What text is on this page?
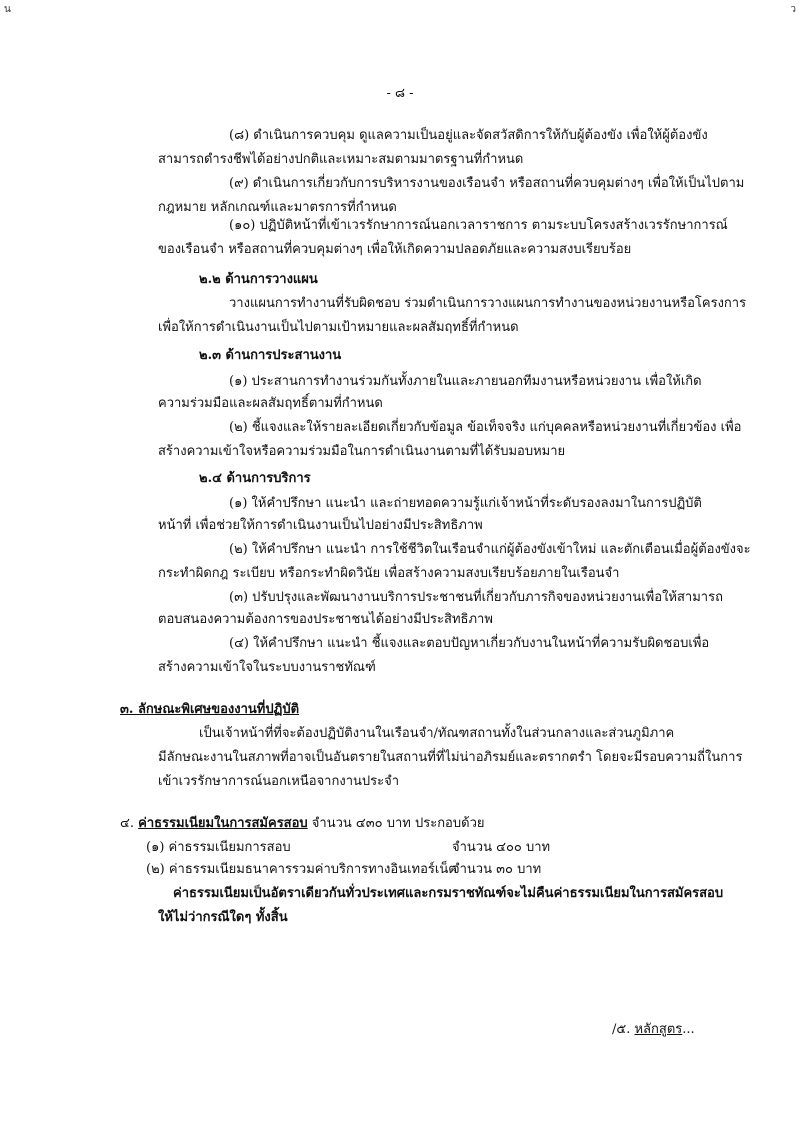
น	ว
- ๘ -
(๘) ดำเนินการควบคุม ดูแลความเป็นอยู่และจัดสวัสดิการให้กับผู้ต้องขัง เพื่อให้ผู้ต้องขัง
สามารถดำรงชีพได้อย่างปกติและเหมาะสมตามมาตรฐานที่กำหนด
(๙) ดำเนินการเกี่ยวกับการบริหารงานของเรือนจำ หรือสถานที่ควบคุมต่างๆ เพื่อให้เป็นไปตาม
กฎหมาย หลักเกณฑ์และมาตรการที่กำหนด
(๑๐) ปฏิบัติหน้าที่เข้าเวรรักษาการณ์นอกเวลาราชการ ตามระบบโครงสร้างเวรรักษาการณ์
ของเรือนจำ หรือสถานที่ควบคุมต่างๆ เพื่อให้เกิดความปลอดภัยและความสงบเรียบร้อย
๒.๒ ด้านการวางแผน
วางแผนการทำงานที่รับผิดชอบ ร่วมดำเนินการวางแผนการทำงานของหน่วยงานหรือโครงการ
เพื่อให้การดำเนินงานเป็นไปตามเป้าหมายและผลสัมฤทธิ์ที่กำหนด
๒.๓ ด้านการประสานงาน
(๑) ประสานการทำงานร่วมกันทั้งภายในและภายนอกทีมงานหรือหน่วยงาน เพื่อให้เกิด
ความร่วมมือและผลสัมฤทธิ์ตามที่กำหนด
(๒) ชี้แจงและให้รายละเอียดเกี่ยวกับข้อมูล ข้อเท็จจริง แก่บุคคลหรือหน่วยงานที่เกี่ยวข้อง เพื่อ
สร้างความเข้าใจหรือความร่วมมือในการดำเนินงานตามที่ได้รับมอบหมาย
๒.๔ ด้านการบริการ
(๑) ให้คำปรึกษา แนะนำ และถ่ายทอดความรู้แก่เจ้าหน้าที่ระดับรองลงมาในการปฏิบัติ
หน้าที่ เพื่อช่วยให้การดำเนินงานเป็นไปอย่างมีประสิทธิภาพ
(๒) ให้คำปรึกษา แนะนำ การใช้ชีวิตในเรือนจำแก่ผู้ต้องขังเข้าใหม่ และตักเตือนเมื่อผู้ต้องขังจะ
กระทำผิดกฎ ระเบียบ หรือกระทำผิดวินัย เพื่อสร้างความสงบเรียบร้อยภายในเรือนจำ
(๓) ปรับปรุงและพัฒนางานบริการประชาชนที่เกี่ยวกับภารกิจของหน่วยงานเพื่อให้สามารถ
ตอบสนองความต้องการของประชาชนได้อย่างมีประสิทธิภาพ
(๔) ให้คำปรึกษา แนะนำ ชี้แจงและตอบปัญหาเกี่ยวกับงานในหน้าที่ความรับผิดชอบเพื่อ
สร้างความเข้าใจในระบบงานราชทัณฑ์
๓. ลักษณะพิเศษของงานที่ปฏิบัติ
เป็นเจ้าหน้าที่ที่จะต้องปฏิบัติงานในเรือนจำ/ทัณฑสถานทั้งในส่วนกลางและส่วนภูมิภาค
มีลักษณะงานในสภาพที่อาจเป็นอันตรายในสถานที่ที่ไม่น่าอภิรมย์และตรากตรำ โดยจะมีรอบความถี่ในการ
เข้าเวรรักษาการณ์นอกเหนือจากงานประจำ
๔. ค่าธรรมเนียมในการสมัครสอบ จำนวน ๔๓๐ บาท ประกอบด้วย
(๑) ค่าธรรมเนียมการสอบ	จำนวน ๔๐๐ บาท
(๒) ค่าธรรมเนียมธนาคารรวมค่าบริการทางอินเทอร์เน็ต
จำนวน ๓๐ บาท
ค่าธรรมเนียมเป็นอัตราเดียวกันทั่วประเทศและกรมราชทัณฑ์จะไม่คืนค่าธรรมเนียมในการสมัครสอบ
ให้ไม่ว่ากรณีใดๆ ทั้งสิ้น
/๕. หลักสูตร...
